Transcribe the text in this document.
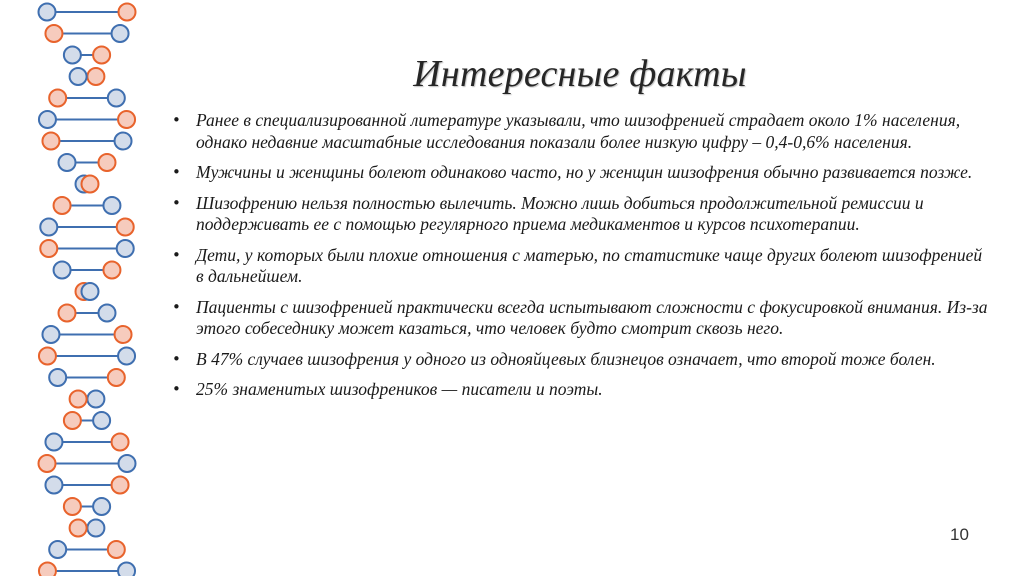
Интересные факты
• Ранее в специализированной литературе указывали, что шизофренией страдает около 1% населения, однако недавние масштабные исследования показали более низкую цифру – 0,4-0,6% населения.
• Мужчины и женщины болеют одинаково часто, но у женщин шизофрения обычно развивается позже.
• Шизофрению нельзя полностью вылечить. Можно лишь добиться продолжительной ремиссии и поддерживать ее с помощью регулярного приема медикаментов и курсов психотерапии.
• Дети, у которых были плохие отношения с матерью, по статистике чаще других болеют шизофренией в дальнейшем.
• Пациенты с шизофренией практически всегда испытывают сложности с фокусировкой внимания. Из-за этого собеседнику может казаться, что человек будто смотрит сквозь него.
• В 47% случаев шизофрения у одного из однояйцевых близнецов означает, что второй тоже болен.
• 25% знаменитых шизофреников — писатели и поэты.
10
